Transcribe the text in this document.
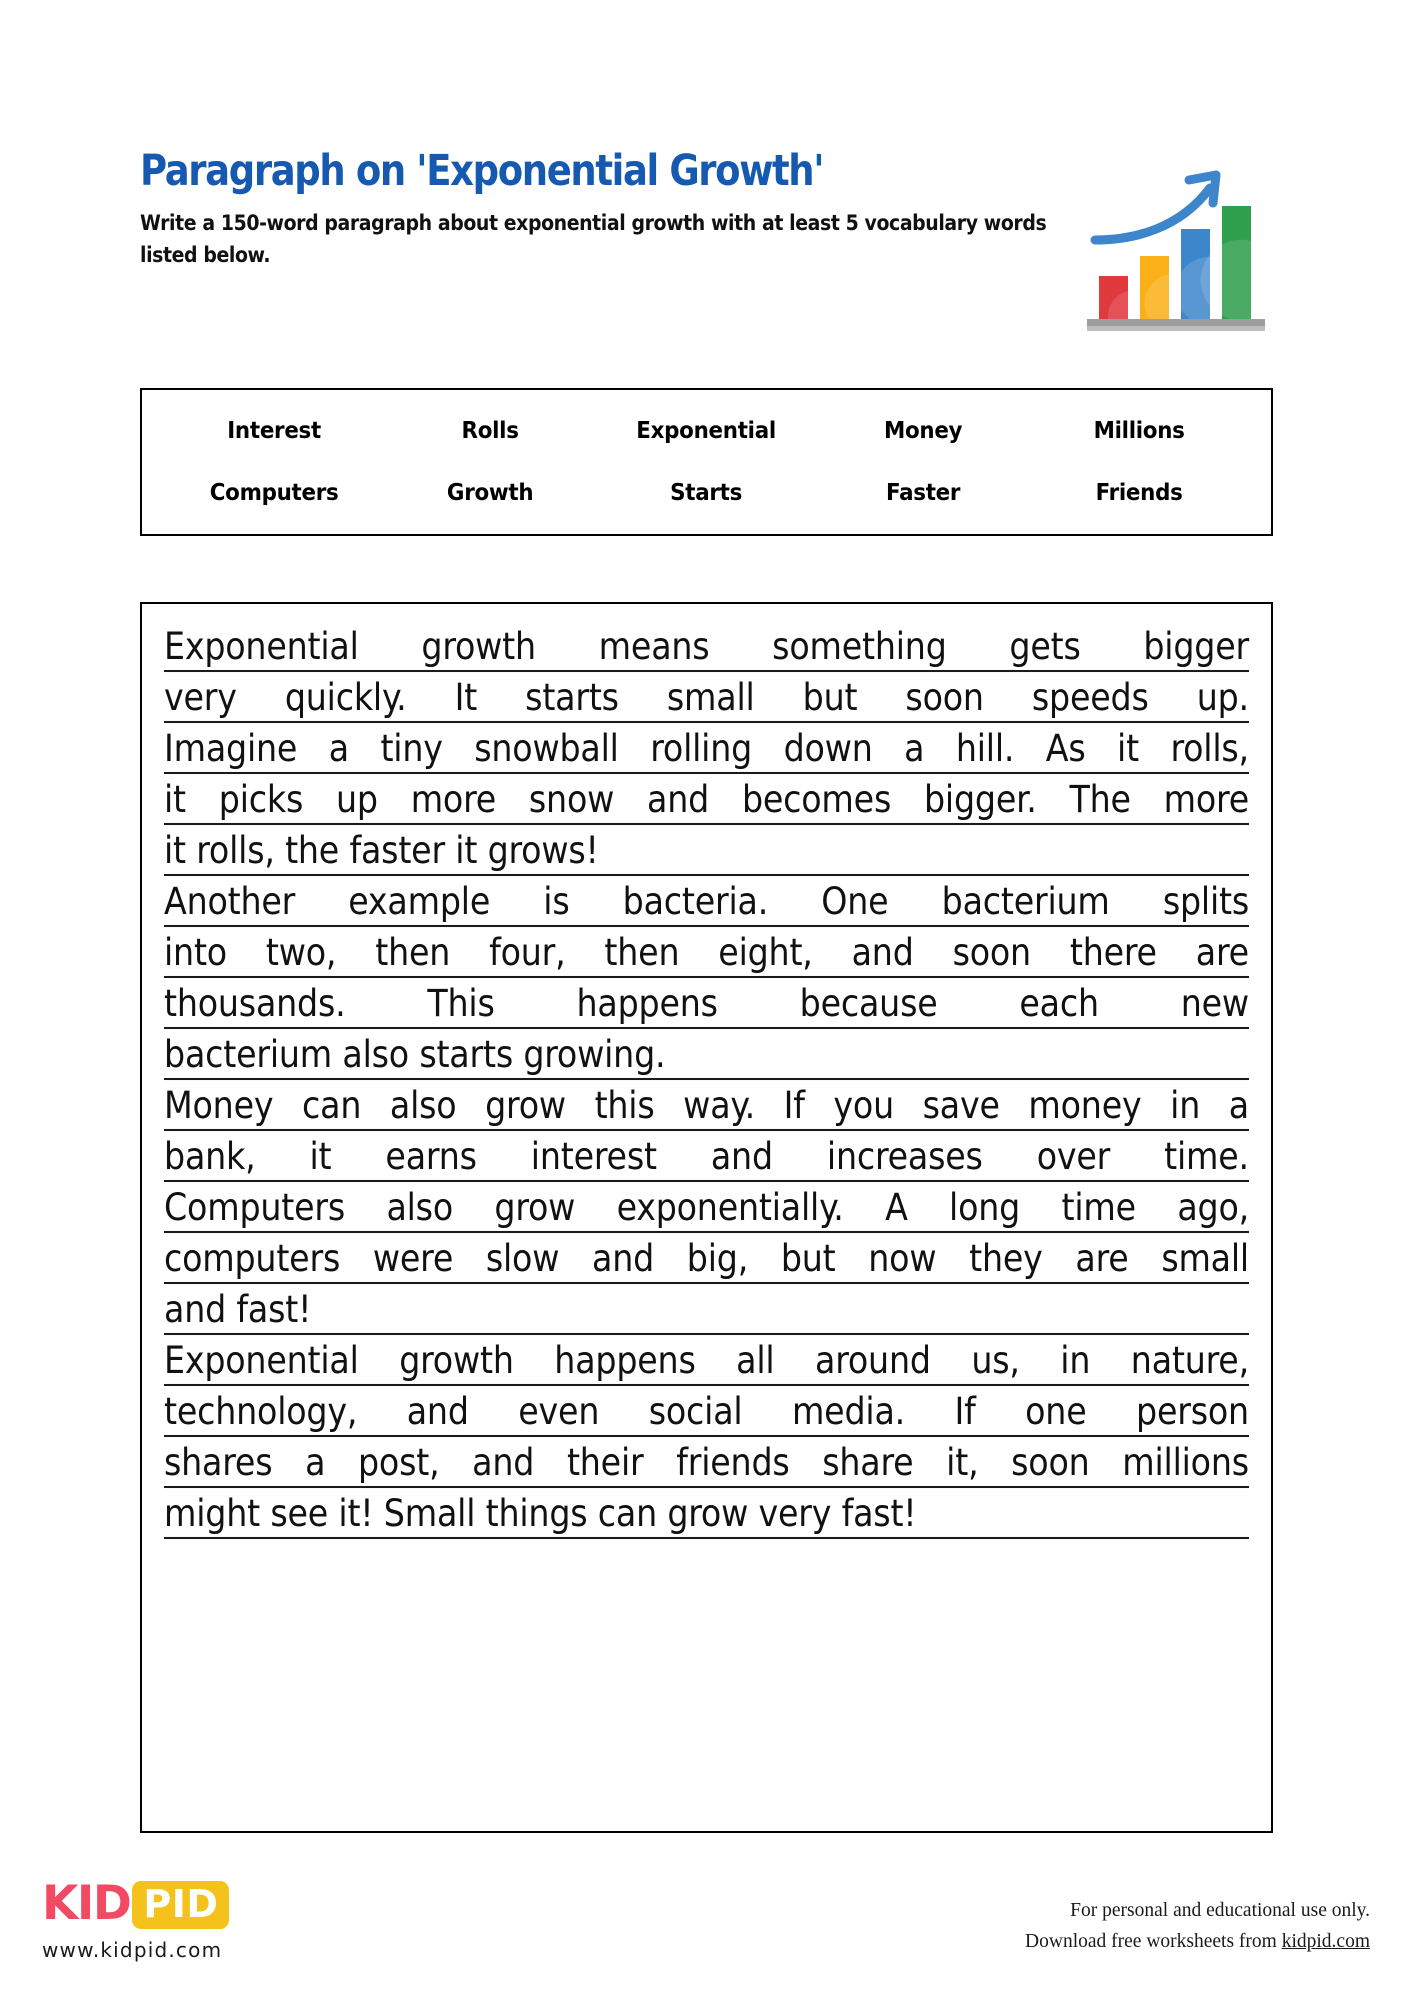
Paragraph on 'Exponential Growth'
Write a 150-word paragraph about exponential growth with at least 5 vocabulary words listed below.
Interest	Rolls	Exponential	Money	Millions
Computers	Growth	Starts	Faster	Friends
Exponential growth means something gets bigger
very quickly. It starts small but soon speeds up.
Imagine a tiny snowball rolling down a hill. As it rolls,
it picks up more snow and becomes bigger. The more
it rolls, the faster it grows!
Another example is bacteria. One bacterium splits
into two, then four, then eight, and soon there are
thousands. This happens because each new
bacterium also starts growing.
Money can also grow this way. If you save money in a
bank, it earns interest and increases over time.
Computers also grow exponentially. A long time ago,
computers were slow and big, but now they are small
and fast!
Exponential growth happens all around us, in nature,
technology, and even social media. If one person
shares a post, and their friends share it, soon millions
might see it! Small things can grow very fast!
KID PID
www.kidpid.com
For personal and educational use only.
Download free worksheets from kidpid.com
